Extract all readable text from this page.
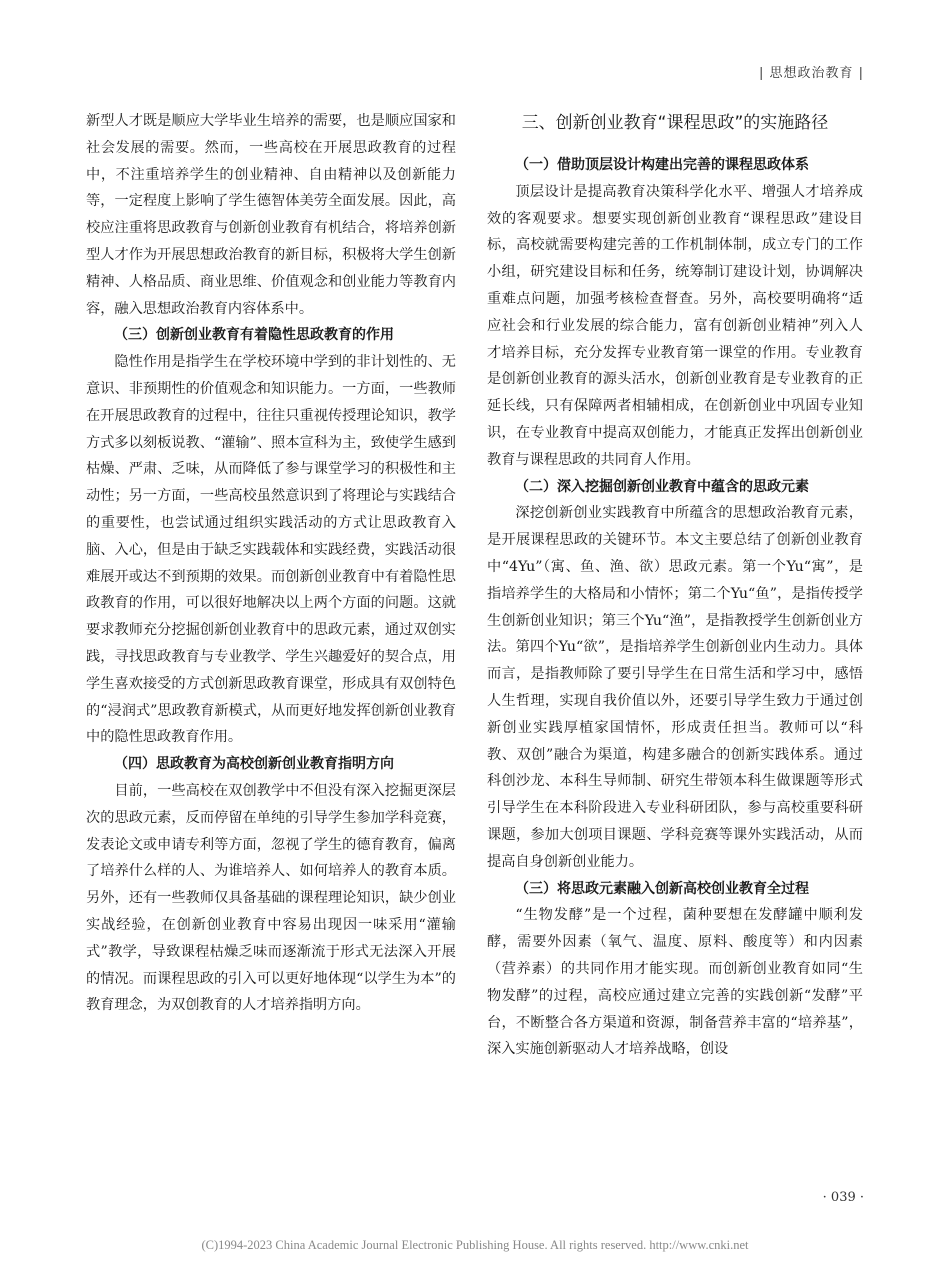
| 思想政治教育 |

新型人才既是顺应大学毕业生培养的需要，也是顺应国家和社会发展的需要。然而，一些高校在开展思政教育的过程中，不注重培养学生的创业精神、自由精神以及创新能力等，一定程度上影响了学生德智体美劳全面发展。因此，高校应注重将思政教育与创新创业教育有机结合，将培养创新型人才作为开展思想政治教育的新目标，积极将大学生创新精神、人格品质、商业思维、价值观念和创业能力等教育内容，融入思想政治教育内容体系中。

（三）创新创业教育有着隐性思政教育的作用

隐性作用是指学生在学校环境中学到的非计划性的、无意识、非预期性的价值观念和知识能力。一方面，一些教师在开展思政教育的过程中，往往只重视传授理论知识，教学方式多以刻板说教、“灌输”、照本宣科为主，致使学生感到枯燥、严肃、乏味，从而降低了参与课堂学习的积极性和主动性；另一方面，一些高校虽然意识到了将理论与实践结合的重要性，也尝试通过组织实践活动的方式让思政教育入脑、入心，但是由于缺乏实践载体和实践经费，实践活动很难展开或达不到预期的效果。而创新创业教育中有着隐性思政教育的作用，可以很好地解决以上两个方面的问题。这就要求教师充分挖掘创新创业教育中的思政元素，通过双创实践，寻找思政教育与专业教学、学生兴趣爱好的契合点，用学生喜欢接受的方式创新思政教育课堂，形成具有双创特色的“浸润式”思政教育新模式，从而更好地发挥创新创业教育中的隐性思政教育作用。

（四）思政教育为高校创新创业教育指明方向

目前，一些高校在双创教学中不但没有深入挖掘更深层次的思政元素，反而停留在单纯的引导学生参加学科竞赛，发表论文或申请专利等方面，忽视了学生的德育教育，偏离了培养什么样的人、为谁培养人、如何培养人的教育本质。另外，还有一些教师仅具备基础的课程理论知识，缺少创业实战经验，在创新创业教育中容易出现因一味采用“灌输式”教学，导致课程枯燥乏味而逐渐流于形式无法深入开展的情况。而课程思政的引入可以更好地体现“以学生为本”的教育理念，为双创教育的人才培养指明方向。

三、创新创业教育“课程思政”的实施路径
（一）借助顶层设计构建出完善的课程思政体系

顶层设计是提高教育决策科学化水平、增强人才培养成效的客观要求。想要实现创新创业教育“课程思政”建设目标，高校就需要构建完善的工作机制体制，成立专门的工作小组，研究建设目标和任务，统筹制订建设计划，协调解决重难点问题，加强考核检查督查。另外，高校要明确将“适应社会和行业发展的综合能力，富有创新创业精神”列入人才培养目标，充分发挥专业教育第一课堂的作用。专业教育是创新创业教育的源头活水，创新创业教育是专业教育的正延长线，只有保障两者相辅相成，在创新创业中巩固专业知识，在专业教育中提高双创能力，才能真正发挥出创新创业教育与课程思政的共同育人作用。

（二）深入挖掘创新创业教育中蕴含的思政元素

深挖创新创业实践教育中所蕴含的思想政治教育元素，是开展课程思政的关键环节。本文主要总结了创新创业教育中“4Yu”（寓、鱼、渔、欲）思政元素。第一个Yu“寓”，是指培养学生的大格局和小情怀；第二个Yu“鱼”，是指传授学生创新创业知识；第三个Yu“渔”，是指教授学生创新创业方法。第四个Yu“欲”，是指培养学生创新创业内生动力。具体而言，是指教师除了要引导学生在日常生活和学习中，感悟人生哲理，实现自我价值以外，还要引导学生致力于通过创新创业实践厚植家国情怀，形成责任担当。教师可以“科教、双创”融合为渠道，构建多融合的创新实践体系。通过科创沙龙、本科生导师制、研究生带领本科生做课题等形式引导学生在本科阶段进入专业科研团队，参与高校重要科研课题，参加大创项目课题、学科竞赛等课外实践活动，从而提高自身创新创业能力。

（三）将思政元素融入创新高校创业教育全过程

“生物发酵”是一个过程，菌种要想在发酵罐中顺利发酵，需要外因素（氧气、温度、原料、酸度等）和内因素（营养素）的共同作用才能实现。而创新创业教育如同“生物发酵”的过程，高校应通过建立完善的实践创新“发酵”平台，不断整合各方渠道和资源，制备营养丰富的“培养基”，深入实施创新驱动人才培养战略，创设

· 039 ·
(C)1994-2023 China Academic Journal Electronic Publishing House. All rights reserved. http://www.cnki.net
